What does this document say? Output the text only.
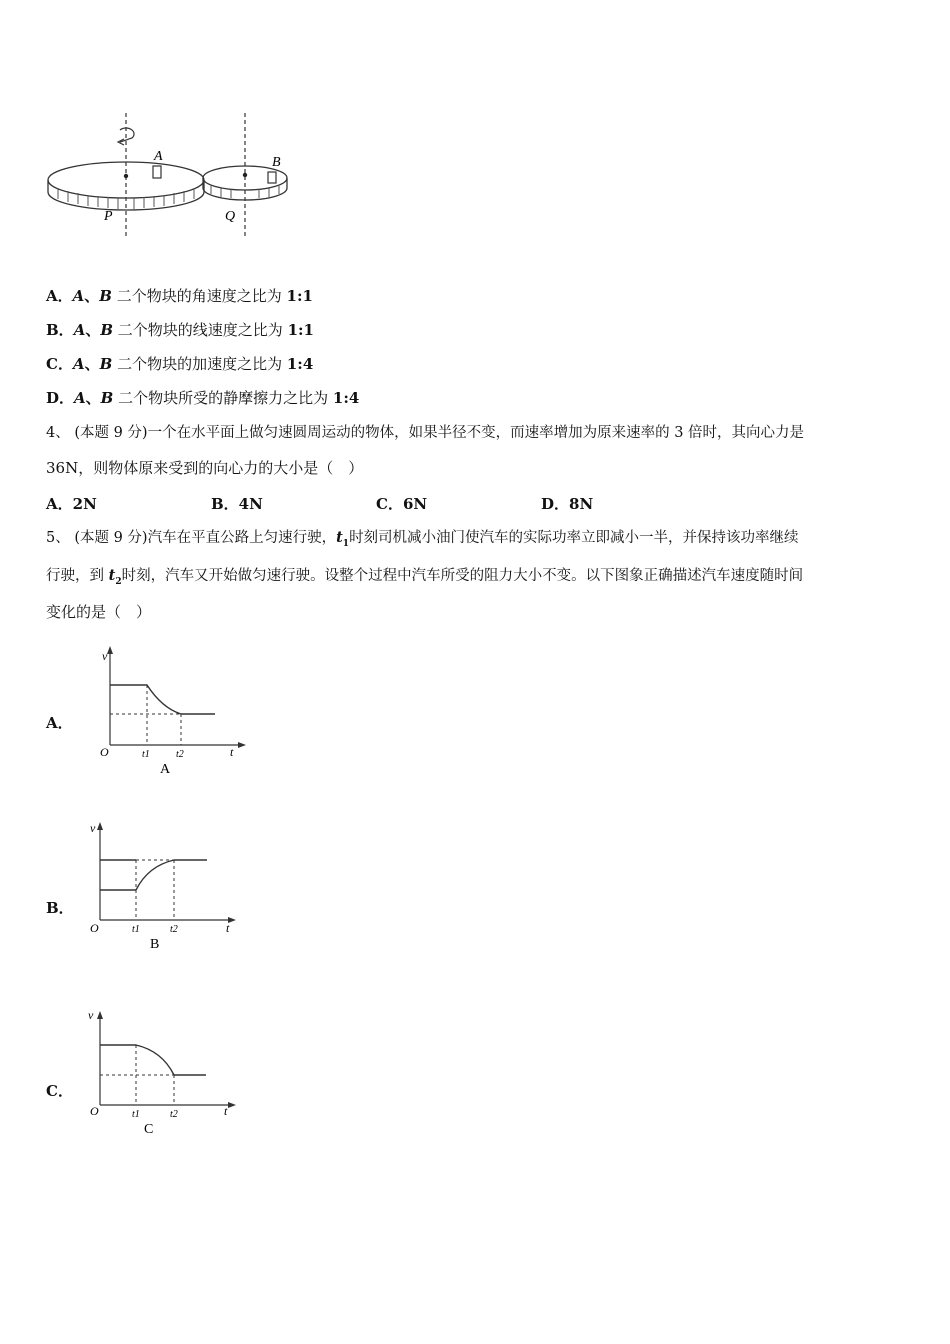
A
P
B
Q
A．A、B 二个物块的角速度之比为 1:1
B．A、B 二个物块的线速度之比为 1:1
C．A、B 二个物块的加速度之比为 1:4
D．A、B 二个物块所受的静摩擦力之比为 1:4
4、 (本题 9 分)一个在水平面上做匀速圆周运动的物体，如果半径不变，而速率增加为原来速率的 3 倍时，其向心力是
36N，则物体原来受到的向心力的大小是（　）
A．2N	B．4N	C．6N	D．8N
5、 (本题 9 分)汽车在平直公路上匀速行驶，$t_1$时刻司机减小油门使汽车的实际功率立即减小一半，并保持该功率继续
行驶，到 $t_2$时刻，汽车又开始做匀速行驶。设整个过程中汽车所受的阻力大小不变。以下图象正确描述汽车速度随时间
变化的是（　）
A．
v
t
O	t1	t2
A
B．
v
t
O	t1	t2
B
C．
v
t
O	t1	t2
C
